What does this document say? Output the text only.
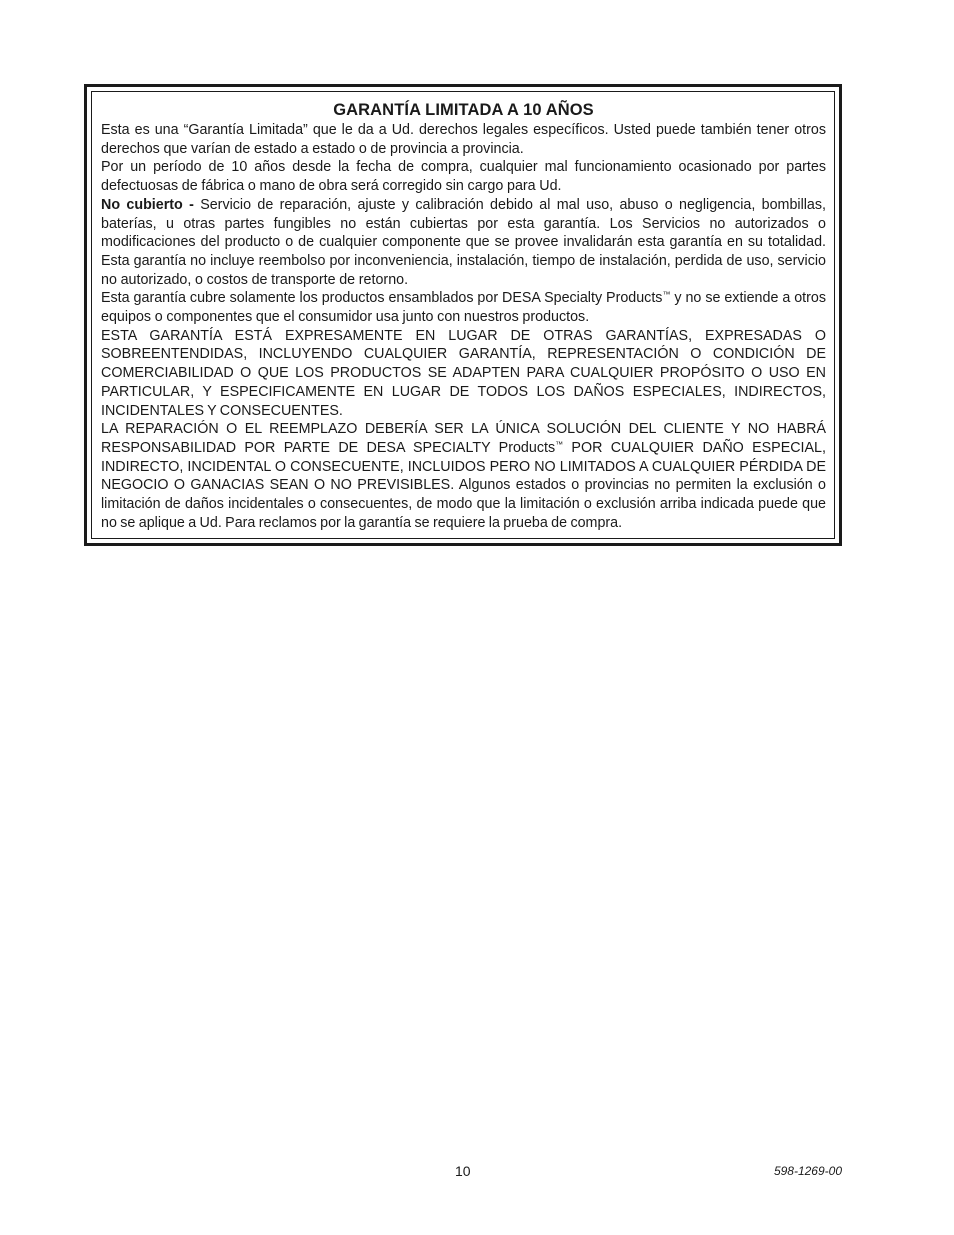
GARANTÍA LIMITADA A 10 AÑOS

Esta es una “Garantía Limitada” que le da a Ud. derechos legales específicos. Usted puede también tener otros derechos que varían de estado a estado o de provincia a provincia.

Por un período de 10 años desde la fecha de compra, cualquier mal funcionamiento ocasionado por partes defectuosas de fábrica o mano de obra será corregido sin cargo para Ud.

No cubierto - Servicio de reparación, ajuste y calibración debido al mal uso, abuso o negligencia, bombillas, baterías, u otras partes fungibles no están cubiertas por esta garantía. Los Servicios no autorizados o modificaciones del producto o de cualquier componente que se provee invalidarán esta garantía en su totalidad. Esta garantía no incluye reembolso por inconveniencia, instalación, tiempo de instalación, perdida de uso, servicio no autorizado, o costos de transporte de retorno.

Esta garantía cubre solamente los productos ensamblados por DESA Specialty Products™ y no se extiende a otros equipos o componentes que el consumidor usa junto con nuestros productos.

ESTA GARANTÍA ESTÁ EXPRESAMENTE EN LUGAR DE OTRAS GARANTÍAS, EXPRESADAS O SOBREENTENDIDAS, INCLUYENDO CUALQUIER GARANTÍA, REPRESENTACIÓN O CONDICIÓN DE COMERCIABILIDAD O QUE LOS PRODUCTOS SE ADAPTEN PARA CUALQUIER PROPÓSITO O USO EN PARTICULAR, Y ESPECIFICAMENTE EN LUGAR DE TODOS LOS DAÑOS ESPECIALES, INDIRECTOS, INCIDENTALES Y CONSECUENTES.

LA REPARACIÓN O EL REEMPLAZO DEBERÍA SER LA ÚNICA SOLUCIÓN DEL CLIENTE Y NO HABRÁ RESPONSABILIDAD POR PARTE DE DESA SPECIALTY Products™ POR CUALQUIER DAÑO ESPECIAL, INDIRECTO, INCIDENTAL O CONSECUENTE, INCLUIDOS PERO NO LIMITADOS A CUALQUIER PÉRDIDA DE NEGOCIO O GANACIAS SEAN O NO PREVISIBLES. Algunos estados o provincias no permiten la exclusión o limitación de daños incidentales o consecuentes, de modo que la limitación o exclusión arriba indicada puede que no se aplique a Ud. Para reclamos por la garantía se requiere la prueba de compra.

10	598-1269-00
